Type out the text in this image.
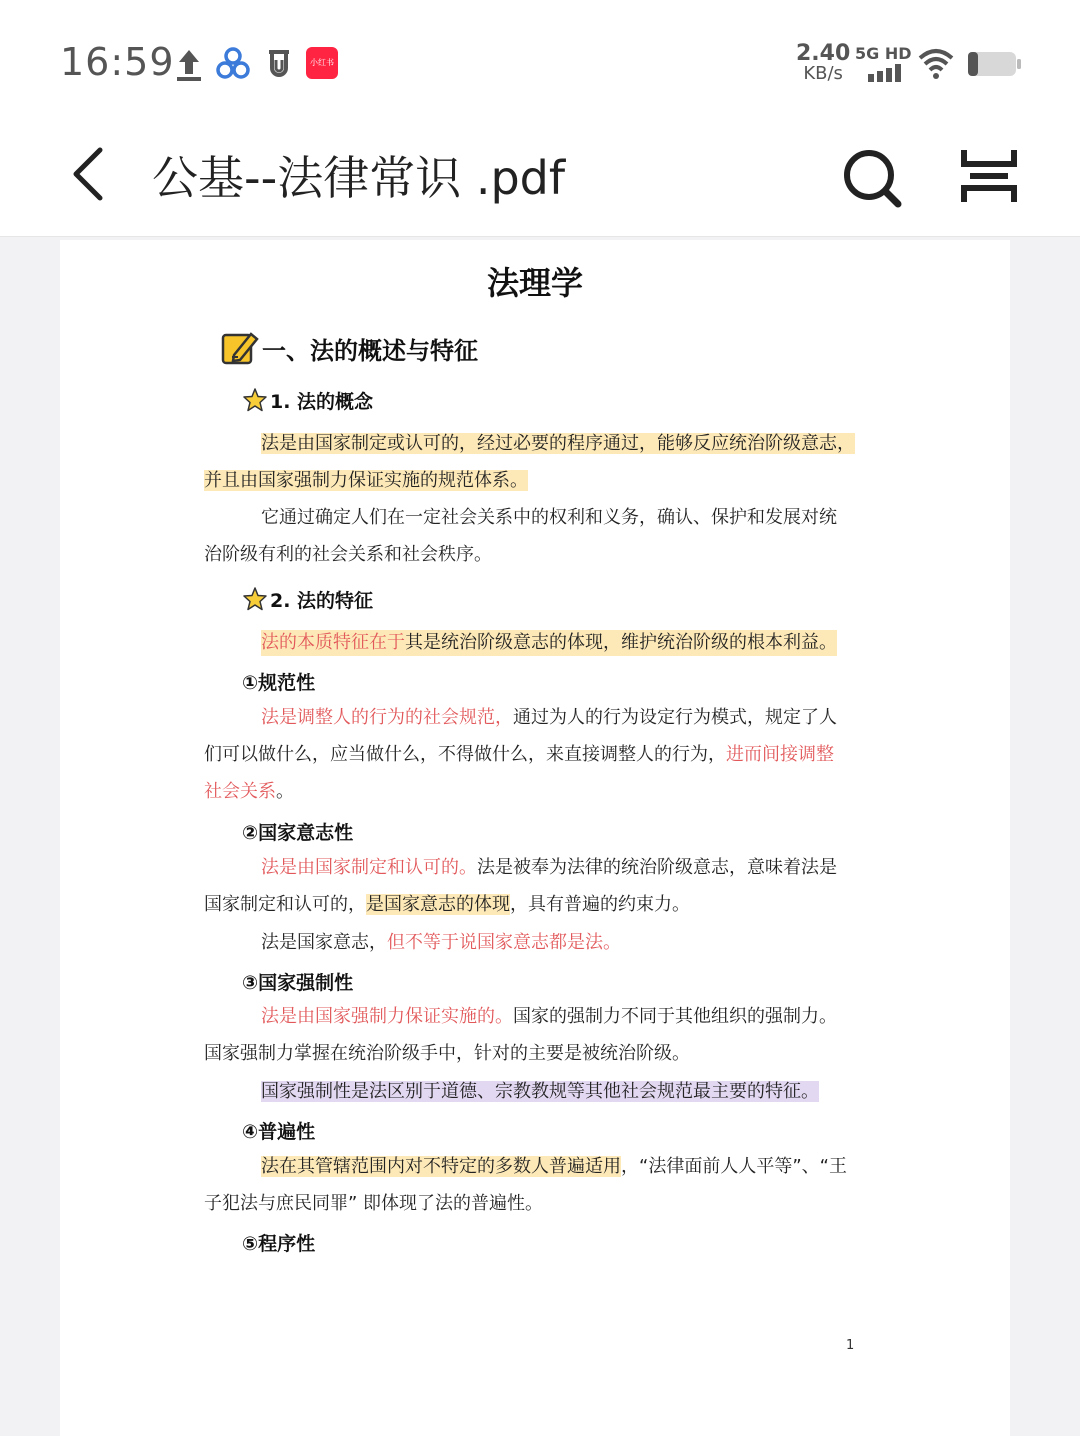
16:59	小红书	2.40
KB/s
5G HD
公基--法律常识 .pdf
法理学
一、法的概述与特征
1. 法的概念
法是由国家制定或认可的，经过必要的程序通过，能够反应统治阶级意志，
并且由国家强制力保证实施的规范体系。
它通过确定人们在一定社会关系中的权利和义务，确认、保护和发展对统
治阶级有利的社会关系和社会秩序。
2. 法的特征
法的本质特征在于其是统治阶级意志的体现，维护统治阶级的根本利益。
①规范性
法是调整人的行为的社会规范，通过为人的行为设定行为模式，规定了人
们可以做什么，应当做什么，不得做什么，来直接调整人的行为，进而间接调整
社会关系。
②国家意志性
法是由国家制定和认可的。法是被奉为法律的统治阶级意志，意味着法是
国家制定和认可的，是国家意志的体现，具有普遍的约束力。
法是国家意志，但不等于说国家意志都是法。
③国家强制性
法是由国家强制力保证实施的。国家的强制力不同于其他组织的强制力。
国家强制力掌握在统治阶级手中，针对的主要是被统治阶级。
国家强制性是法区别于道德、宗教教规等其他社会规范最主要的特征。
④普遍性
法在其管辖范围内对不特定的多数人普遍适用，“法律面前人人平等”、“王
子犯法与庶民同罪” 即体现了法的普遍性。
⑤程序性
1
